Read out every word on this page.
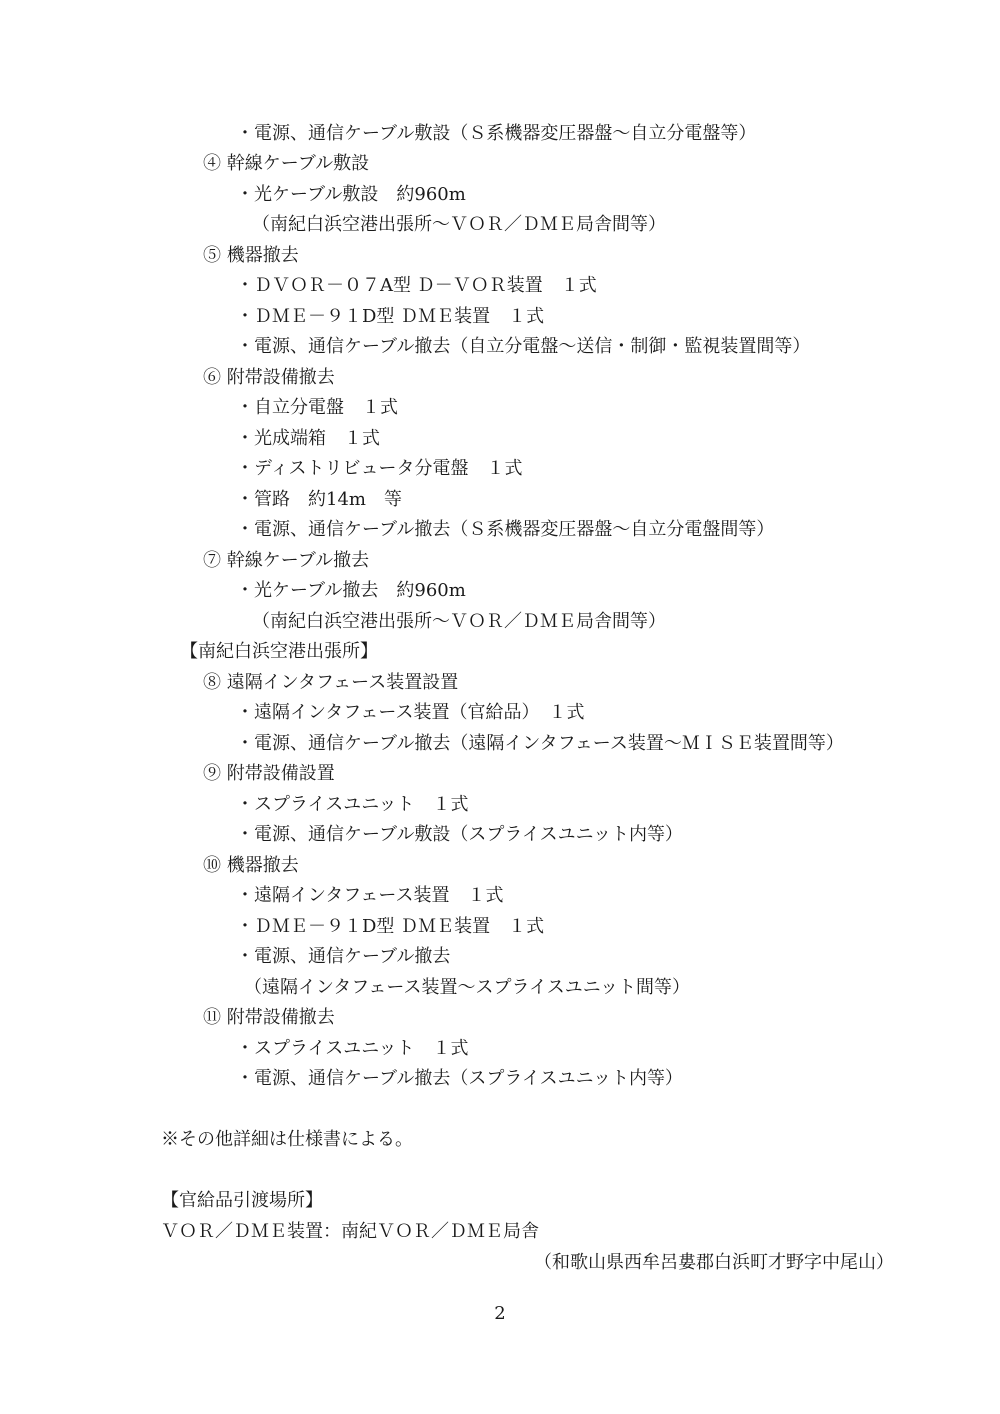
・電源、通信ケーブル敷設（Ｓ系機器変圧器盤～自立分電盤等）
④ 幹線ケーブル敷設
・光ケーブル敷設　約960m
（南紀白浜空港出張所～ＶＯＲ／ＤＭＥ局舎間等）
⑤ 機器撤去
・ＤＶＯＲ－０７A型 Ｄ－ＶＯＲ装置　１式
・ＤＭＥ－９１D型 ＤＭＥ装置　１式
・電源、通信ケーブル撤去（自立分電盤～送信・制御・監視装置間等）
⑥ 附帯設備撤去
・自立分電盤　１式
・光成端箱　１式
・ディストリビュータ分電盤　１式
・管路　約14m　等
・電源、通信ケーブル撤去（Ｓ系機器変圧器盤～自立分電盤間等）
⑦ 幹線ケーブル撤去
・光ケーブル撤去　約960m
（南紀白浜空港出張所～ＶＯＲ／ＤＭＥ局舎間等）
【南紀白浜空港出張所】
⑧ 遠隔インタフェース装置設置
・遠隔インタフェース装置（官給品）　１式
・電源、通信ケーブル撤去（遠隔インタフェース装置～ＭＩＳＥ装置間等）
⑨ 附帯設備設置
・スプライスユニット　１式
・電源、通信ケーブル敷設（スプライスユニット内等）
⑩ 機器撤去
・遠隔インタフェース装置　１式
・ＤＭＥ－９１D型 ＤＭＥ装置　１式
・電源、通信ケーブル撤去
（遠隔インタフェース装置～スプライスユニット間等）
⑪ 附帯設備撤去
・スプライスユニット　１式
・電源、通信ケーブル撤去（スプライスユニット内等）
※その他詳細は仕様書による。
【官給品引渡場所】
ＶＯＲ／ＤＭＥ装置：南紀ＶＯＲ／ＤＭＥ局舎
（和歌山県西牟呂婁郡白浜町才野字中尾山）
2
